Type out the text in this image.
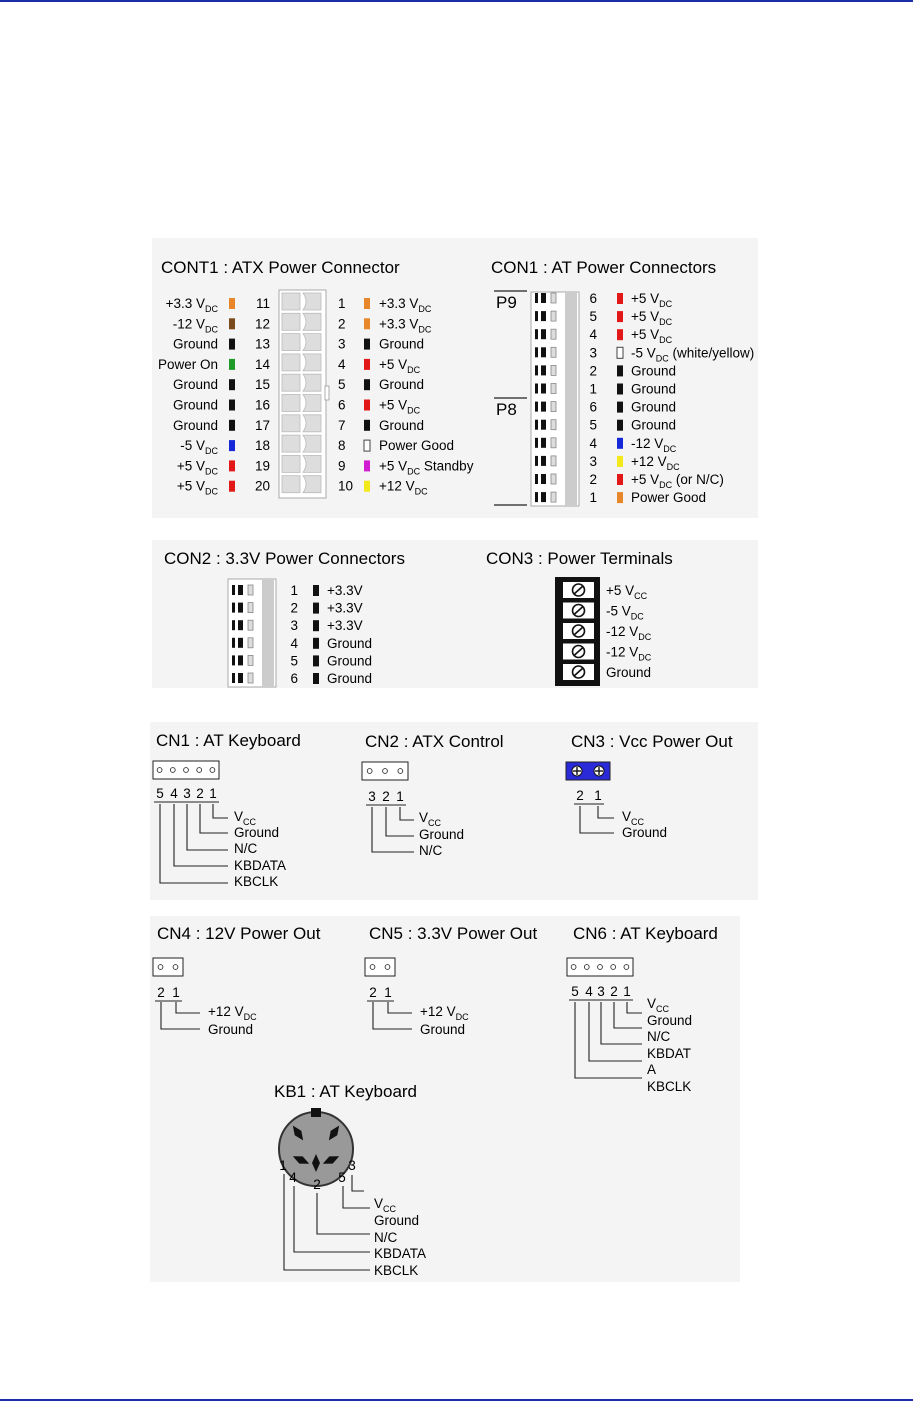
CONT1 : ATX Power Connector
+3.3 $V_{DC}$	11
-12 $V_{DC}$	12
Ground	13
Power On	14
Ground	15
Ground	16
Ground	17
-5 $V_{DC}$	18
+5 $V_{DC}$	19
+5 $V_{DC}$	20
1 +3.3 $V_{DC}$
2 +3.3 $V_{DC}$
3 Ground
4 +5 $V_{DC}$
5 Ground
6 +5 $V_{DC}$
7 Ground
8 Power Good
9 +5 $V_{DC}$ Standby
10 +12 $V_{DC}$
CON1 : AT Power Connectors
P9
P8
6	+5 $V_{DC}$
5	+5 $V_{DC}$
4	+5 $V_{DC}$
3	-5 $V_{DC}$ (white/yellow)
2	Ground
1	Ground
6	Ground
5	Ground
4	-12 $V_{DC}$
3	+12 $V_{DC}$
2	+5 $V_{DC}$ (or N/C)
1	Power Good
CON2 : 3.3V Power Connectors
1 +3.3V
2 +3.3V
3 +3.3V
4 Ground
5 Ground
6 Ground
CON3 : Power Terminals
+5 $V_{CC}$
-5 $V_{DC}$
-12 $V_{DC}$
-12 $V_{DC}$
Ground
CN1 : AT Keyboard
5 4 3 2 1
$V_{CC}$
Ground
N/C
KBDATA
KBCLK
CN2 : ATX Control
3 2 1
$V_{CC}$
Ground
N/C
CN3 : Vcc Power Out
2 1
$V_{CC}$
Ground
CN4 : 12V Power Out
2 1
+12 $V_{DC}$
Ground
CN5 : 3.3V Power Out
2 1
+12 $V_{DC}$
Ground
CN6 : AT Keyboard
5 4 3 2 1
$V_{CC}$
Ground
N/C
KBDAT
A
KBCLK
KB1 : AT Keyboard
1
4 2 5
3
$V_{CC}$
Ground
N/C
KBDATA
KBCLK
